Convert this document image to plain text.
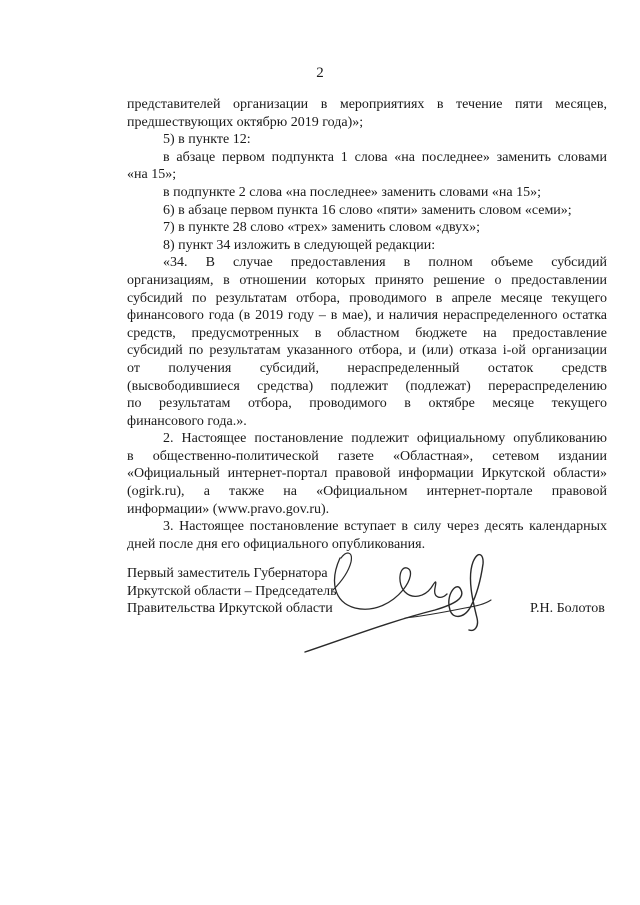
2

представителей организации в мероприятиях в течение пяти месяцев,
предшествующих октябрю 2019 года)»;

5) в пункте 12:

в абзаце первом подпункта 1 слова «на последнее» заменить словами
«на 15»;

в подпункте 2 слова «на последнее» заменить словами «на 15»;

6) в абзаце первом пункта 16 слово «пяти» заменить словом «семи»;

7) в пункте 28 слово «трех» заменить словом «двух»;

8) пункт 34 изложить в следующей редакции:

«34. В случае предоставления в полном объеме субсидий
организациям, в отношении которых принято решение о предоставлении
субсидий по результатам отбора, проводимого в апреле месяце текущего
финансового года (в 2019 году – в мае), и наличия нераспределенного остатка
средств, предусмотренных в областном бюджете на предоставление
субсидий по результатам указанного отбора, и (или) отказа i-ой организации
от получения субсидий, нераспределенный остаток средств
(высвободившиеся средства) подлежит (подлежат) перераспределению
по результатам отбора, проводимого в октябре месяце текущего
финансового года.».

2. Настоящее постановление подлежит официальному опубликованию
в общественно-политической газете «Областная», сетевом издании
«Официальный интернет-портал правовой информации Иркутской области»
(ogirk.ru), а также на «Официальном интернет-портале правовой
информации» (www.pravo.gov.ru).

3. Настоящее постановление вступает в силу через десять календарных
дней после дня его официального опубликования.

Первый заместитель Губернатора
Иркутской области – Председатель
Правительства Иркутской области	Р.Н. Болотов
